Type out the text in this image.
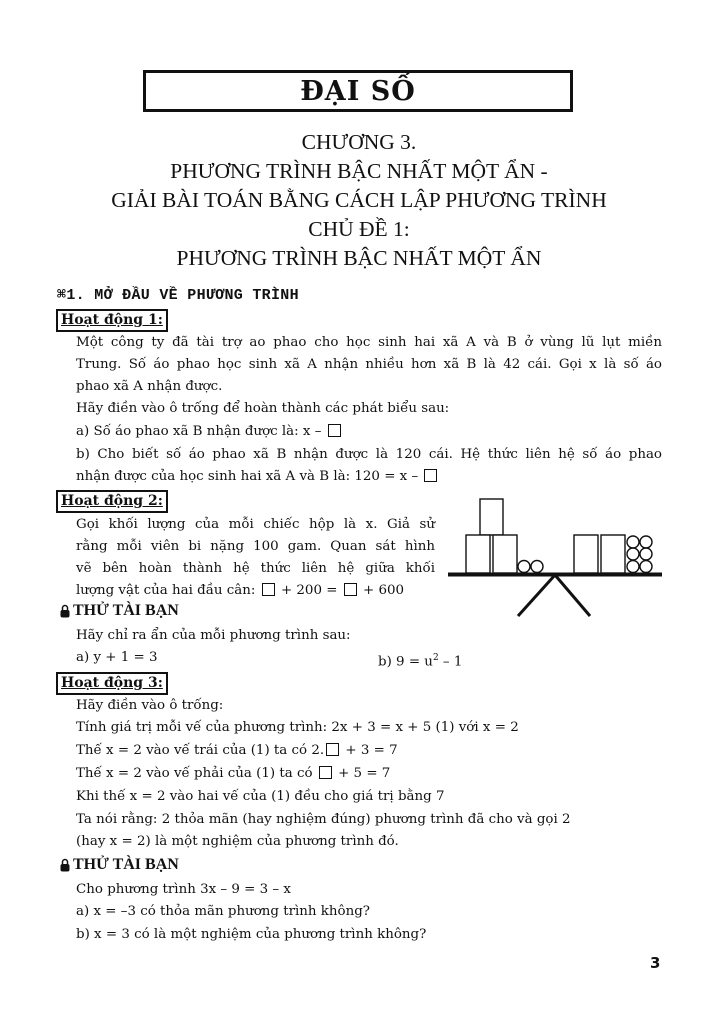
ĐẠI SỐ
CHƯƠNG 3.
PHƯƠNG TRÌNH BẬC NHẤT MỘT ẨN -
GIẢI BÀI TOÁN BẰNG CÁCH LẬP PHƯƠNG TRÌNH
CHỦ ĐỀ 1:
PHƯƠNG TRÌNH BẬC NHẤT MỘT ẨN
⌘1. MỞ ĐẦU VỀ PHƯƠNG TRÌNH
Hoạt động 1:
Một công ty đã tài trợ ao phao cho học sinh hai xã A và B ở vùng lũ lụt miền
Trung. Số áo phao học sinh xã A nhận nhiều hơn xã B là 42 cái. Gọi x là số áo
phao xã A nhận được.
Hãy điền vào ô trống để hoàn thành các phát biểu sau:
a) Số áo phao xã B nhận được là: x –
b) Cho biết số áo phao xã B nhận được là 120 cái. Hệ thức liên hệ số áo phao
nhận được của học sinh hai xã A và B là: 120 = x –
Hoạt động 2:
Gọi khối lượng của mỗi chiếc hộp là x. Giả sử
rằng mỗi viên bi nặng 100 gam. Quan sát hình
vẽ bên hoàn thành hệ thức liên hệ giữa khối
lượng vật của hai đầu cân: + 200 = + 600
THỬ TÀI BẠN
Hãy chỉ ra ẩn của mỗi phương trình sau:
a) y + 1 = 3	b) $9 = u^2 - 1$
Hoạt động 3:
Hãy điền vào ô trống:
Tính giá trị mỗi vế của phương trình: 2x + 3 = x + 5 (1) với x = 2
Thế x = 2 vào vế trái của (1) ta có 2. + 3 = 7
Thế x = 2 vào vế phải của (1) ta có + 5 = 7
Khi thế x = 2 vào hai vế của (1) đều cho giá trị bằng 7
Ta nói rằng: 2 thỏa mãn (hay nghiệm đúng) phương trình đã cho và gọi 2
(hay x = 2) là một nghiệm của phương trình đó.
THỬ TÀI BẠN
Cho phương trình 3x – 9 = 3 – x
a) x = –3 có thỏa mãn phương trình không?
b) x = 3 có là một nghiệm của phương trình không?
3
